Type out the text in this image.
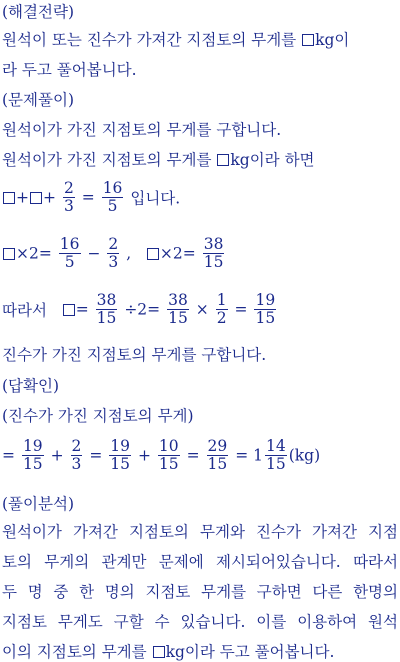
(해결전략)
원석이 또는 진수가 가져간 지점토의 무게를 kg이
라 두고 풀어봅니다.
(문제풀이)
원석이가 가진 지점토의 무게를 구합니다.
원석이가 가진 지점토의 무게를 kg이라 하면
+ + $\frac{2}{3} = \frac{16}{5}$ 입니다.
$\times 2= \frac{16}{5} - \frac{2}{3}$ , $\times 2= \frac{38}{15}$
따라서 = $\frac{38}{15} \div 2= \frac{38}{15} \times \frac{1}{2} = \frac{19}{15}$
진수가 가진 지점토의 무게를 구합니다.
(답확인)
(진수가 가진 지점토의 무게)
= $\frac{19}{15} + \frac{2}{3} = \frac{19}{15} + \frac{10}{15} = \frac{29}{15} = 1 \frac{14}{15} (kg)$
(풀이분석)
원석이가 가져간 지점토의 무게와 진수가 가져간 지점
토의 무게의 관계만 문제에 제시되어있습니다. 따라서
두 명 중 한 명의 지점토 무게를 구하면 다른 한명의
지점토 무게도 구할 수 있습니다. 이를 이용하여 원석
이의 지점토의 무게를 kg이라 두고 풀어봅니다.
